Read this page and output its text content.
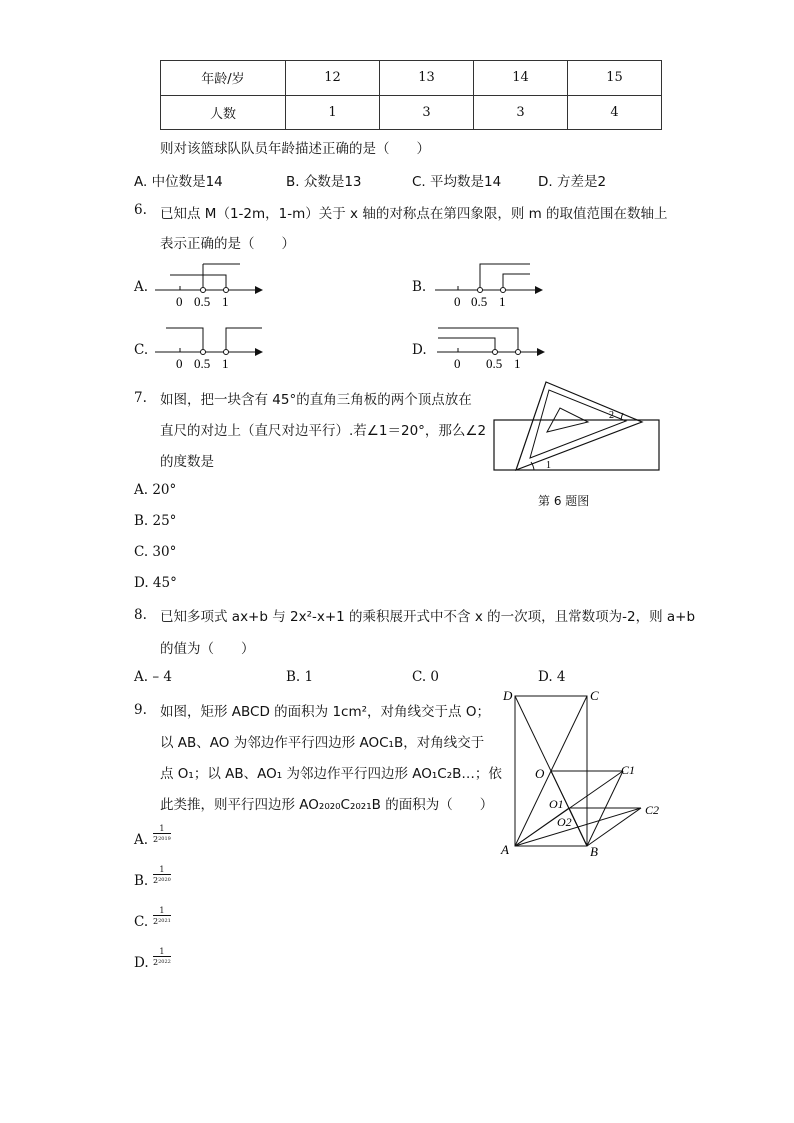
年龄/岁	12	13	14	15
人数	1	3	3	4
则对该篮球队队员年龄描述正确的是（　　）
A. 中位数是14	B. 众数是13	C. 平均数是14	D. 方差是2
6. 已知点 M（1-2m，1-m）关于 x 轴的对称点在第四象限，则 m 的取值范围在数轴上
表示正确的是（　　）
A.	B.
C.	D.
0 0.5 1	0 0.5 1
0 0.5 1	0 0.5 1
7. 如图，把一块含有 45°的直角三角板的两个顶点放在
直尺的对边上（直尺对边平行）.若∠1＝20°，那么∠2
的度数是
A. 20°
B. 25°
C. 30°
D. 45°
1
2
第 6 题图
8. 已知多项式 ax+b 与 2x²-x+1 的乘积展开式中不含 x 的一次项，且常数项为-2，则 a+b
的值为（　　）
A. – 4	B. 1	C. 0	D. 4
9. 如图，矩形 ABCD 的面积为 1cm²，对角线交于点 O；
以 AB、AO 为邻边作平行四边形 AOC₁B，对角线交于
点 O₁；以 AB、AO₁ 为邻边作平行四边形 AO₁C₂B…；依
此类推，则平行四边形 AO₂₀₂₀C₂₀₂₁B 的面积为（　　）
A. $\frac{1}{2^{2019}}$
B. $\frac{1}{2^{2020}}$
C. $\frac{1}{2^{2021}}$
D. $\frac{1}{2^{2022}}$
D	C
O	C1
O1
O2
C2
A	B
